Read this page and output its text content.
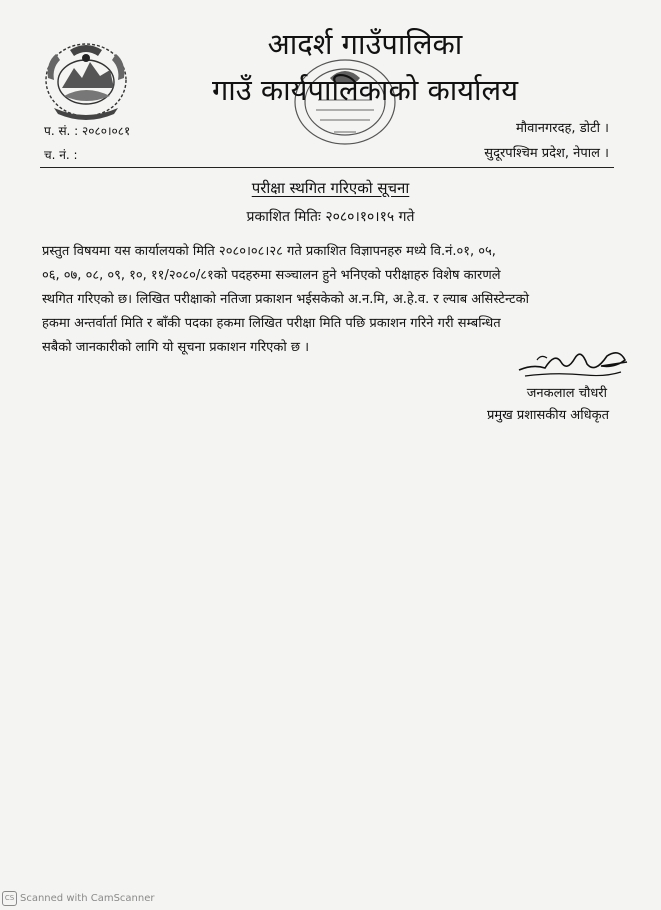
आदर्श गाउँपालिका
गाउँ कार्यपालिकाको कार्यालय
प. सं. : २०८०।०८१
च. नं. :
मौवानगरदह, डोटी ।
सुदूरपश्चिम प्रदेश, नेपाल ।
परीक्षा स्थगित गरिएको सूचना
प्रकाशित मितिः २०८०।१०।१५ गते

प्रस्तुत विषयमा यस कार्यालयको मिति २०८०।०८।२८ गते प्रकाशित विज्ञापनहरु मध्ये वि.नं.०१, ०५,
०६, ०७, ०८, ०९, १०, ११/२०८०/८१को पदहरुमा सञ्चालन हुने भनिएको परीक्षाहरु विशेष कारणले
स्थगित गरिएको छ। लिखित परीक्षाको नतिजा प्रकाशन भईसकेको अ.न.मि, अ.हे.व. र ल्याब असिस्टेन्टको
हकमा अन्तर्वार्ता मिति र बाँकी पदका हकमा लिखित परीक्षा मिति पछि प्रकाशन गरिने गरी सम्बन्धित
सबैको जानकारीको लागि यो सूचना प्रकाशन गरिएको छ ।

जनकलाल चौधरी
प्रमुख प्रशासकीय अधिकृत
CS Scanned with CamScanner
